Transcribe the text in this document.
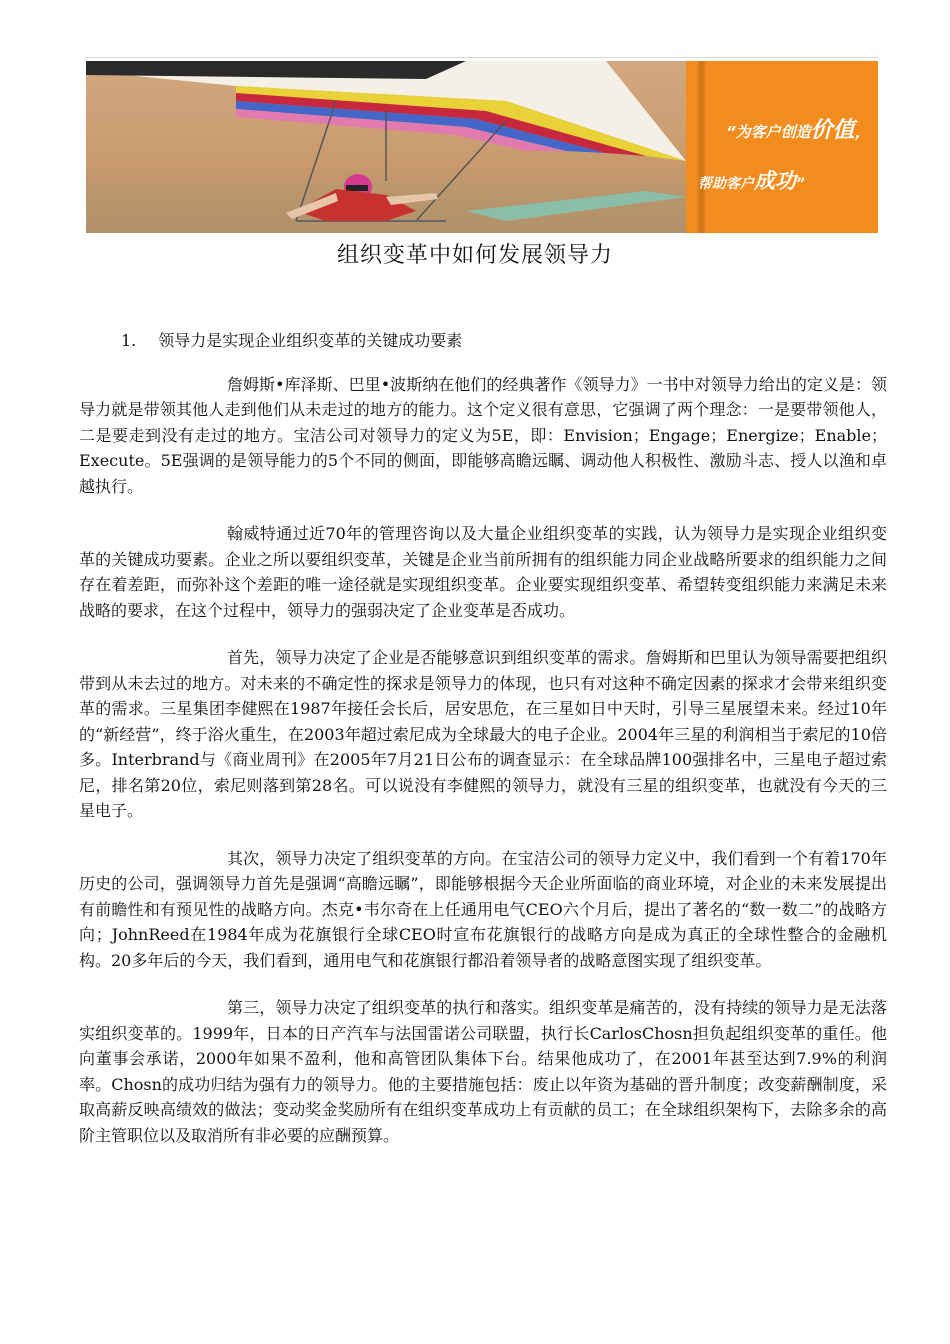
“为客户创造价值，
帮助客户成功”
组织变革中如何发展领导力

1. 领导力是实现企业组织变革的关键成功要素

詹姆斯•库泽斯、巴里•波斯纳在他们的经典著作《领导力》一书中对领导力给出的定义是：领导力就是带领其他人走到他们从未走过的地方的能力。这个定义很有意思，它强调了两个理念：一是要带领他人，二是要走到没有走过的地方。宝洁公司对领导力的定义为5E，即：Envision；Engage；Energize；Enable；Execute。5E强调的是领导能力的5个不同的侧面，即能够高瞻远瞩、调动他人积极性、激励斗志、授人以渔和卓越执行。

翰威特通过近70年的管理咨询以及大量企业组织变革的实践，认为领导力是实现企业组织变革的关键成功要素。企业之所以要组织变革，关键是企业当前所拥有的组织能力同企业战略所要求的组织能力之间存在着差距，而弥补这个差距的唯一途径就是实现组织变革。企业要实现组织变革、希望转变组织能力来满足未来战略的要求，在这个过程中，领导力的强弱决定了企业变革是否成功。

首先，领导力决定了企业是否能够意识到组织变革的需求。詹姆斯和巴里认为领导需要把组织带到从未去过的地方。对未来的不确定性的探求是领导力的体现，也只有对这种不确定因素的探求才会带来组织变革的需求。三星集团李健熙在1987年接任会长后，居安思危，在三星如日中天时，引导三星展望未来。经过10年的“新经营”，终于浴火重生，在2003年超过索尼成为全球最大的电子企业。2004年三星的利润相当于索尼的10倍多。Interbrand与《商业周刊》在2005年7月21日公布的调查显示：在全球品牌100强排名中，三星电子超过索尼，排名第20位，索尼则落到第28名。可以说没有李健熙的领导力，就没有三星的组织变革，也就没有今天的三星电子。

其次，领导力决定了组织变革的方向。在宝洁公司的领导力定义中，我们看到一个有着170年历史的公司，强调领导力首先是强调“高瞻远瞩”，即能够根据今天企业所面临的商业环境，对企业的未来发展提出有前瞻性和有预见性的战略方向。杰克•韦尔奇在上任通用电气CEO六个月后，提出了著名的“数一数二”的战略方向；JohnReed在1984年成为花旗银行全球CEO时宣布花旗银行的战略方向是成为真正的全球性整合的金融机构。20多年后的今天，我们看到，通用电气和花旗银行都沿着领导者的战略意图实现了组织变革。

第三，领导力决定了组织变革的执行和落实。组织变革是痛苦的，没有持续的领导力是无法落实组织变革的。1999年，日本的日产汽车与法国雷诺公司联盟，执行长CarlosChosn担负起组织变革的重任。他向董事会承诺，2000年如果不盈利，他和高管团队集体下台。结果他成功了，在2001年甚至达到7.9%的利润率。Chosn的成功归结为强有力的领导力。他的主要措施包括：废止以年资为基础的晋升制度；改变薪酬制度，采取高薪反映高绩效的做法；变动奖金奖励所有在组织变革成功上有贡献的员工；在全球组织架构下，去除多余的高阶主管职位以及取消所有非必要的应酬预算。
